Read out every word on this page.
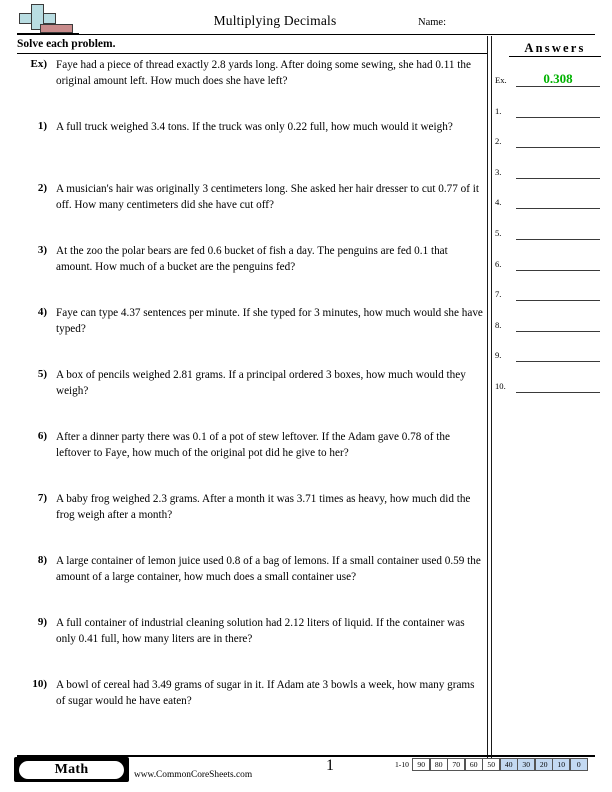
Multiplying Decimals	Name:
Solve each problem.
Ex) Faye had a piece of thread exactly 2.8 yards long. After doing some sewing, she had 0.11 the original amount left. How much does she have left?
1) A full truck weighed 3.4 tons. If the truck was only 0.22 full, how much would it weigh?
2) A musician's hair was originally 3 centimeters long. She asked her hair dresser to cut 0.77 of it off. How many centimeters did she have cut off?
3) At the zoo the polar bears are fed 0.6 bucket of fish a day. The penguins are fed 0.1 that amount. How much of a bucket are the penguins fed?
4) Faye can type 4.37 sentences per minute. If she typed for 3 minutes, how much would she have typed?
5) A box of pencils weighed 2.81 grams. If a principal ordered 3 boxes, how much would they weigh?
6) After a dinner party there was 0.1 of a pot of stew leftover. If the Adam gave 0.78 of the leftover to Faye, how much of the original pot did he give to her?
7) A baby frog weighed 2.3 grams. After a month it was 3.71 times as heavy, how much did the frog weigh after a month?
8) A large container of lemon juice used 0.8 of a bag of lemons. If a small container used 0.59 the amount of a large container, how much does a small container use?
9) A full container of industrial cleaning solution had 2.12 liters of liquid. If the container was only 0.41 full, how many liters are in there?
10) A bowl of cereal had 3.49 grams of sugar in it. If Adam ate 3 bowls a week, how many grams of sugar would he have eaten?
Answers
Ex.	0.308
1.
2.
3.
4.
5.
6.
7.
8.
9.
10.
Math	www.CommonCoreSheets.com
1	1-10	90	80	70	60	50	40	30	20	10	0
